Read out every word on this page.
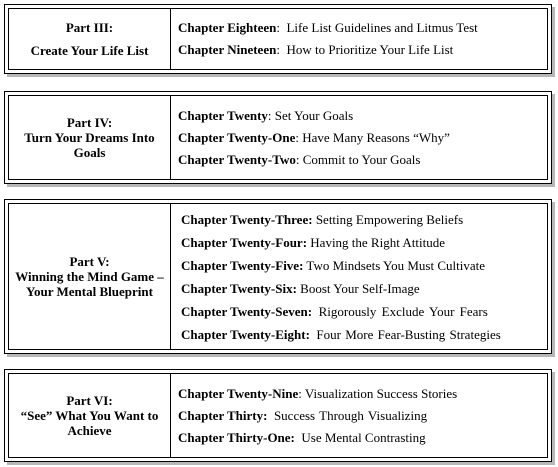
Part III:
Create Your Life List
Chapter Eighteen: Life List Guidelines and Litmus Test
Chapter Nineteen: How to Prioritize Your Life List
Part IV:
Turn Your Dreams Into
Goals
Chapter Twenty: Set Your Goals
Chapter Twenty-One: Have Many Reasons “Why”
Chapter Twenty-Two: Commit to Your Goals
Part V:
Winning the Mind Game –
Your Mental Blueprint
Chapter Twenty-Three: Setting Empowering Beliefs
Chapter Twenty-Four: Having the Right Attitude
Chapter Twenty-Five: Two Mindsets You Must Cultivate
Chapter Twenty-Six: Boost Your Self-Image
Chapter Twenty-Seven: Rigorously Exclude Your Fears
Chapter Twenty-Eight: Four More Fear-Busting Strategies
Part VI:
“See” What You Want to
Achieve
Chapter Twenty-Nine: Visualization Success Stories
Chapter Thirty: Success Through Visualizing
Chapter Thirty-One: Use Mental Contrasting
